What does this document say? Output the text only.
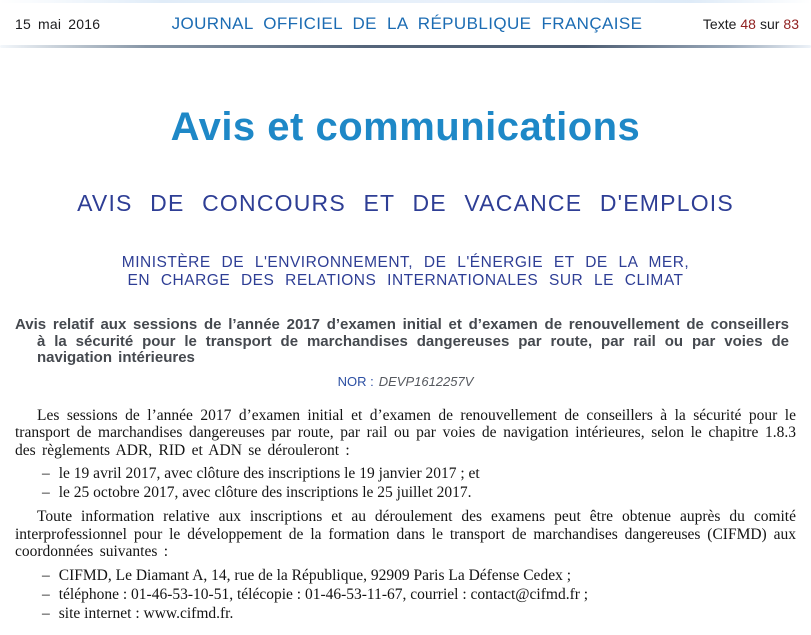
15 mai 2016	JOURNAL OFFICIEL DE LA RÉPUBLIQUE FRANÇAISE	Texte 48 sur 83
Avis et communications
AVIS DE CONCOURS ET DE VACANCE D'EMPLOIS
MINISTÈRE DE L'ENVIRONNEMENT, DE L'ÉNERGIE ET DE LA MER,
EN CHARGE DES RELATIONS INTERNATIONALES SUR LE CLIMAT

Avis relatif aux sessions de l’année 2017 d’examen initial et d’examen de renouvellement de conseillers à la sécurité pour le transport de marchandises dangereuses par route, par rail ou par voies de navigation intérieures

NOR : DEVP1612257V

Les sessions de l’année 2017 d’examen initial et d’examen de renouvellement de conseillers à la sécurité pour le transport de marchandises dangereuses par route, par rail ou par voies de navigation intérieures, selon le chapitre 1.8.3 des règlements ADR, RID et ADN se dérouleront :

– le 19 avril 2017, avec clôture des inscriptions le 19 janvier 2017 ; et
– le 25 octobre 2017, avec clôture des inscriptions le 25 juillet 2017.

Toute information relative aux inscriptions et au déroulement des examens peut être obtenue auprès du comité interprofessionnel pour le développement de la formation dans le transport de marchandises dangereuses (CIFMD) aux coordonnées suivantes :

– CIFMD, Le Diamant A, 14, rue de la République, 92909 Paris La Défense Cedex ;
– téléphone : 01-46-53-10-51, télécopie : 01-46-53-11-67, courriel : contact@cifmd.fr ;
– site internet : www.cifmd.fr.
